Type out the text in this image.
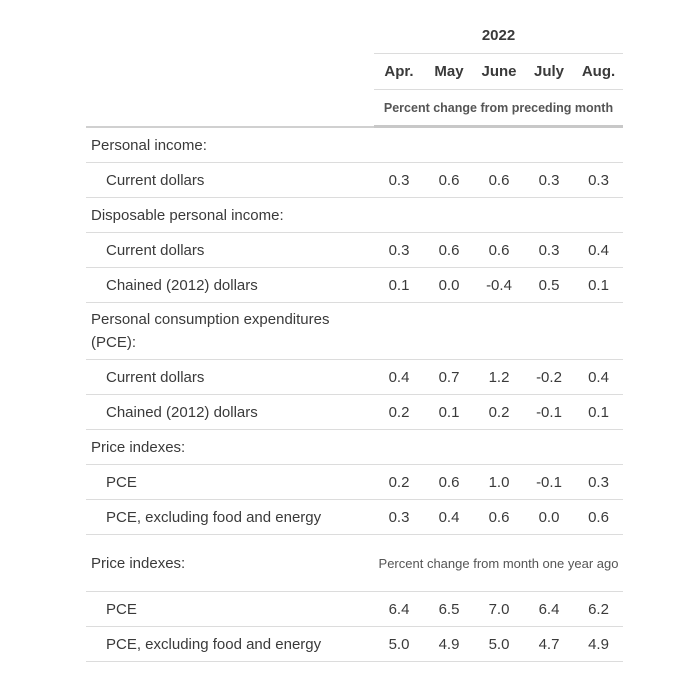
	2022				
	Apr.	May	June	July	Aug.
	Percent change from preceding month				
Personal income:					
Current dollars	0.3	0.6	0.6	0.3	0.3
Disposable personal income:					
Current dollars	0.3	0.6	0.6	0.3	0.4
Chained (2012) dollars	0.1	0.0	-0.4	0.5	0.1
Personal consumption expenditures (PCE):					
Current dollars	0.4	0.7	1.2	-0.2	0.4
Chained (2012) dollars	0.2	0.1	0.2	-0.1	0.1
Price indexes:					
PCE	0.2	0.6	1.0	-0.1	0.3
PCE, excluding food and energy	0.3	0.4	0.6	0.0	0.6
Price indexes:	Percent change from month one year ago				
PCE	6.4	6.5	7.0	6.4	6.2
PCE, excluding food and energy	5.0	4.9	5.0	4.7	4.9
